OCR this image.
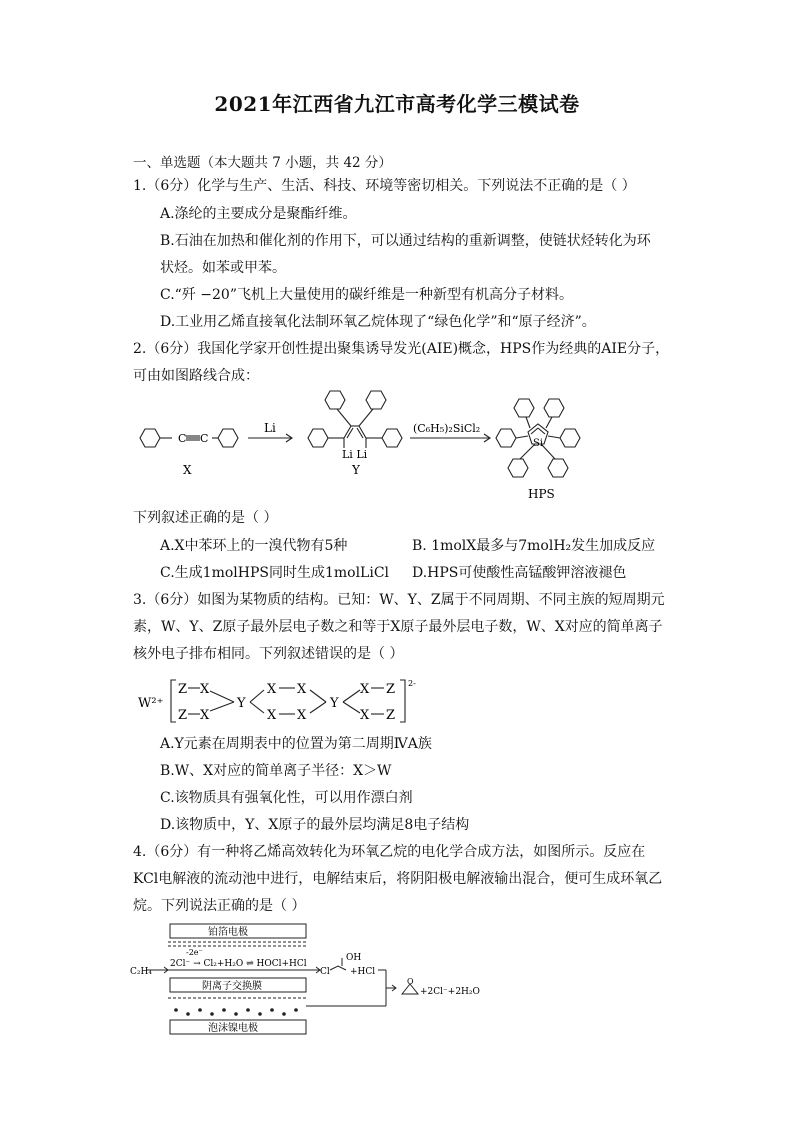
2021年江西省九江市高考化学三模试卷
一、单选题（本大题共 7 小题，共 42 分）
1.（6分）化学与生产、生活、科技、环境等密切相关。下列说法不正确的是（ ）
A.涤纶的主要成分是聚酯纤维。
B.石油在加热和催化剂的作用下，可以通过结构的重新调整，使链状烃转化为环
状烃。如苯或甲苯。
C.“歼 −20”飞机上大量使用的碳纤维是一种新型有机高分子材料。
D.工业用乙烯直接氧化法制环氧乙烷体现了“绿色化学”和“原子经济”。
2.（6分）我国化学家开创性提出聚集诱导发光(AIE)概念，HPS作为经典的AIE分子，
可由如图路线合成：
C C
Li	(C₆H₅)₂SiCl₂
Li Li
Si
X	Y
HPS
下列叙述正确的是（ ）
A.X中苯环上的一溴代物有5种	B. 1molX最多与7molH₂发生加成反应
C.生成1molHPS同时生成1molLiCl D.HPS可使酸性高锰酸钾溶液褪色
3.（6分）如图为某物质的结构。已知：W、Y、Z属于不同周期、不同主族的短周期元
素，W、Y、Z原子最外层电子数之和等于X原子最外层电子数，W、X对应的简单离子
核外电子排布相同。下列叙述错误的是（ ）
W²⁺
Z
Z
X
X
Y
X
X
X
X
Y
X
X
Z
Z
2-
A.Y元素在周期表中的位置为第二周期ⅣA族
B.W、X对应的简单离子半径：X＞W
C.该物质具有强氧化性，可以用作漂白剂
D.该物质中，Y、X原子的最外层均满足8电子结构
4.（6分）有一种将乙烯高效转化为环氧乙烷的电化学合成方法，如图所示。反应在
KCl电解液的流动池中进行，电解结束后，将阴阳极电解液输出混合，便可生成环氧乙
烷。下列说法正确的是（ ）
铂箔电极
阴离子交换膜
泡沫镍电极
C₂H₄
-2e⁻
2Cl⁻ → Cl₂+H₂O ⇌ HOCl+HCl
Cl
OH
+HCl
O
+2Cl⁻+2H₂O
